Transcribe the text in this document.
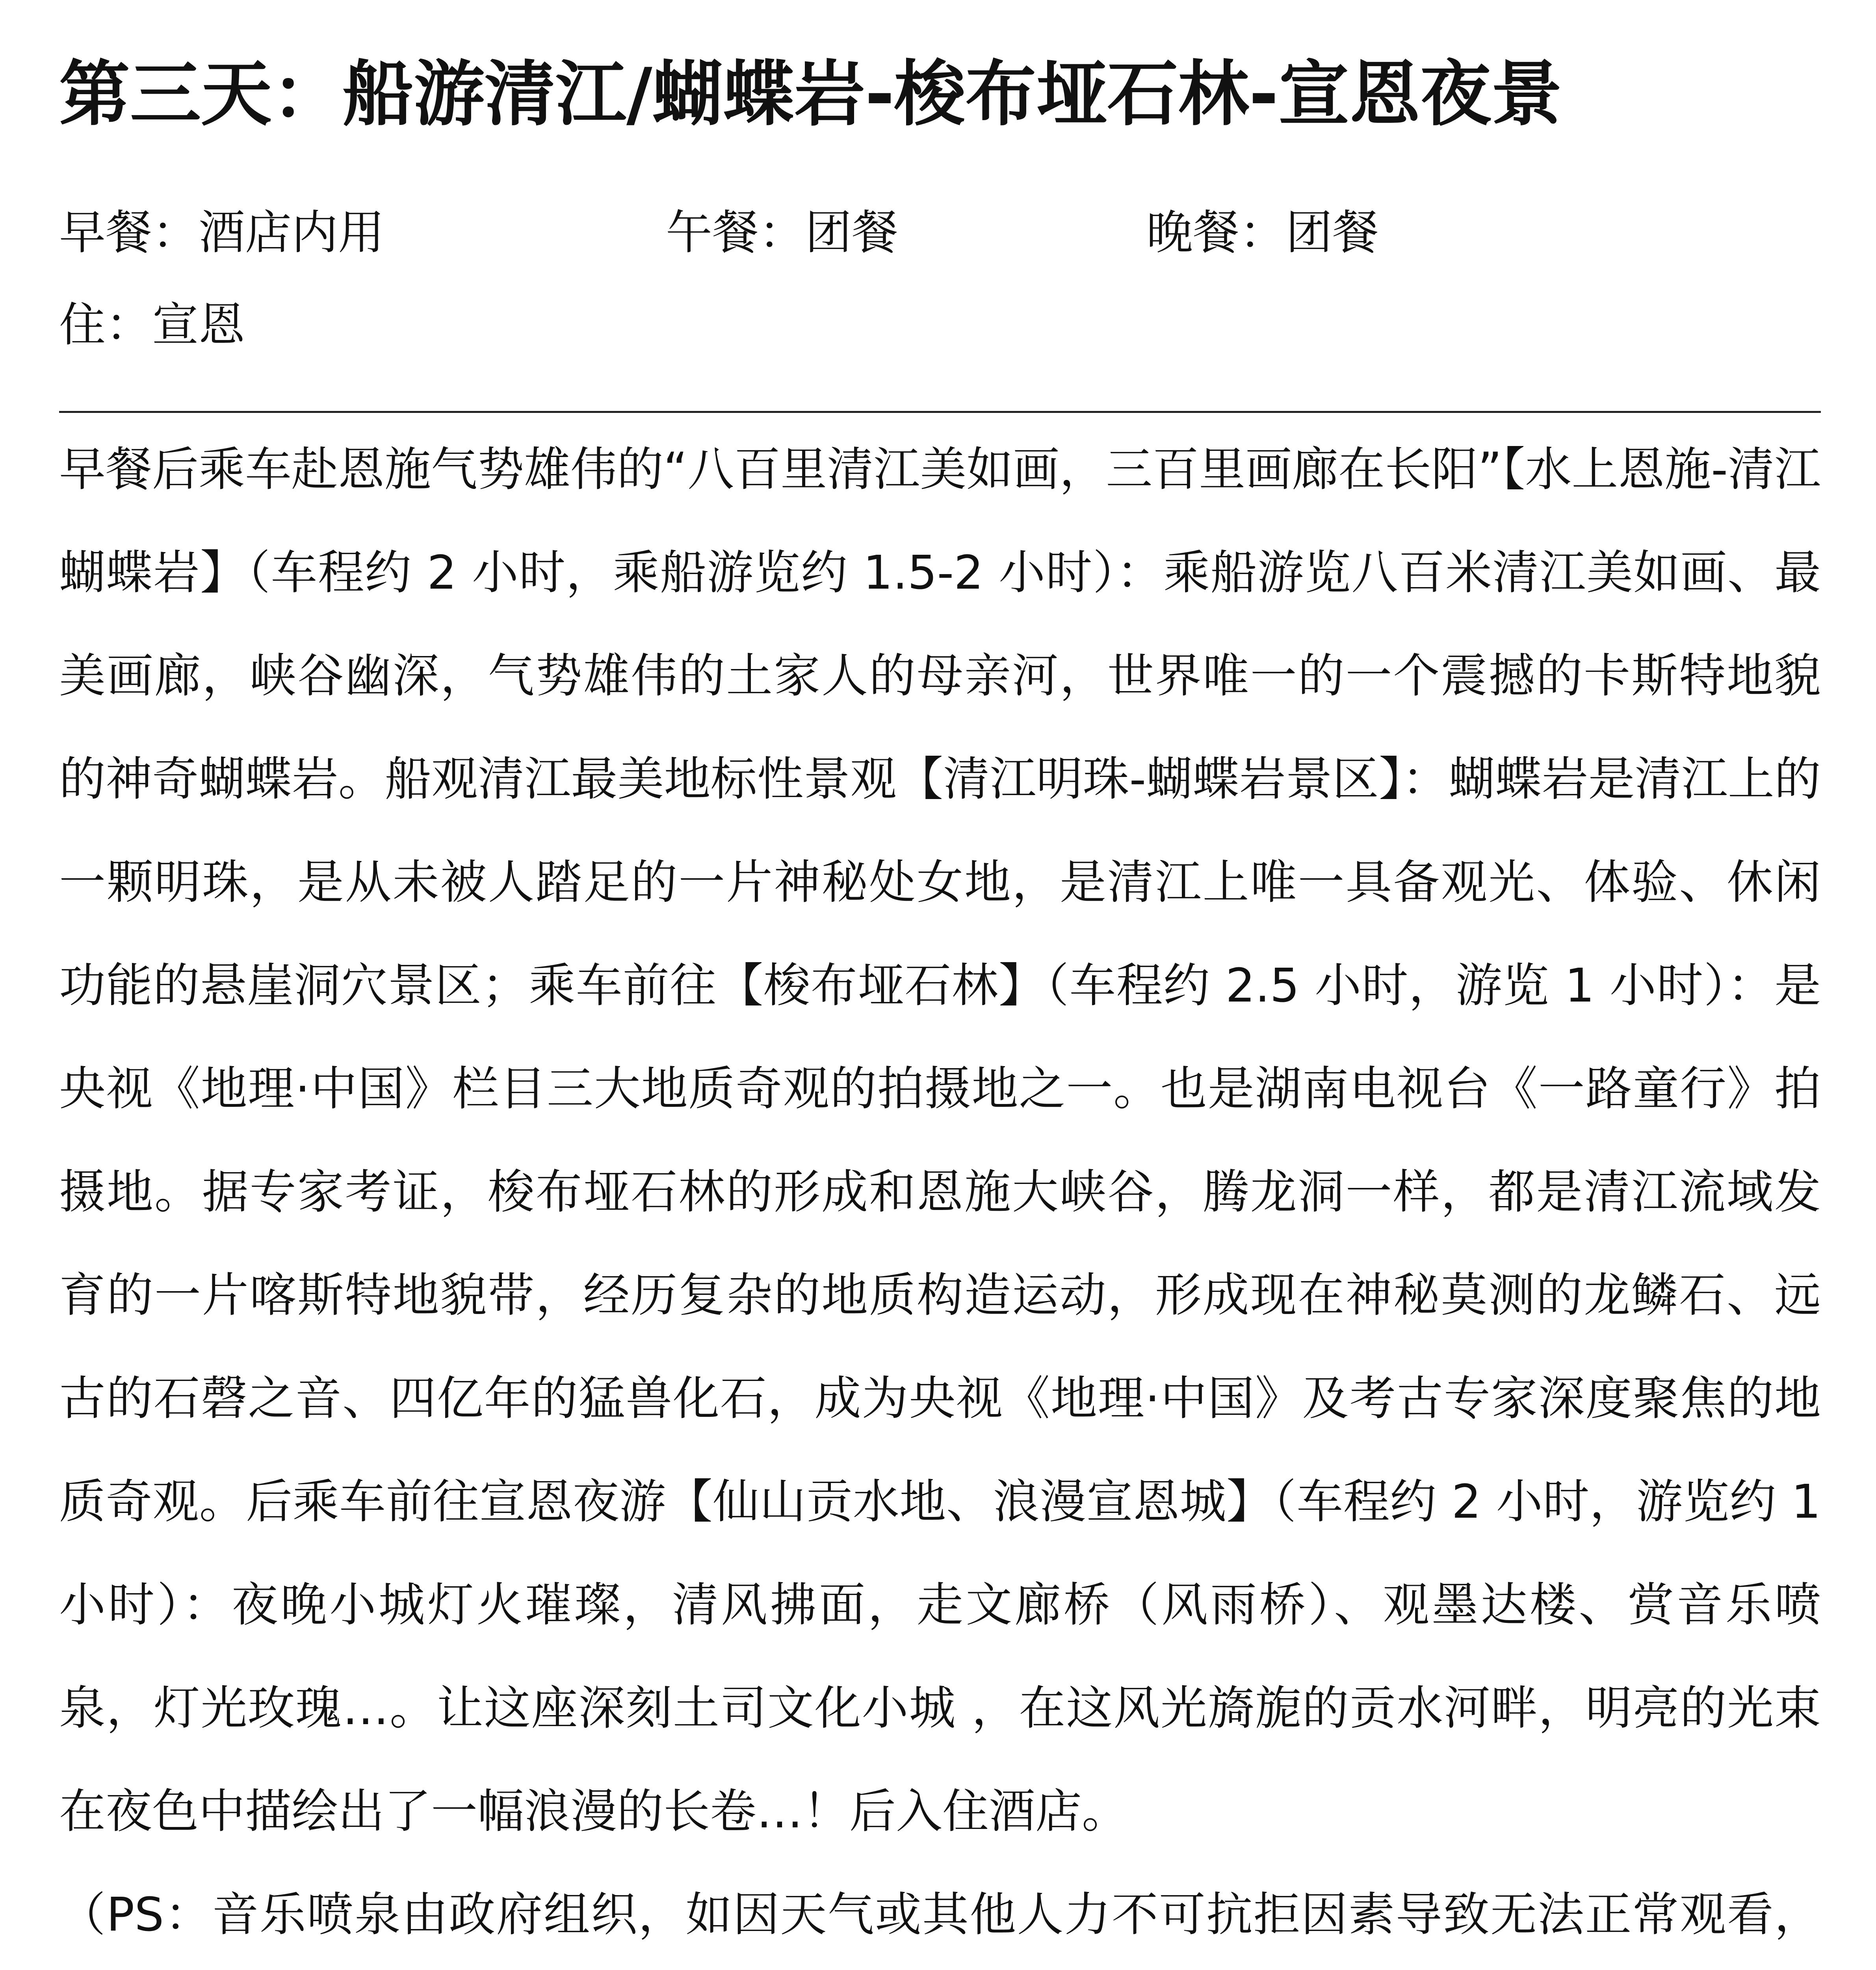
第三天：船游清江/蝴蝶岩-梭布垭石林-宣恩夜景
早餐：酒店内用	午餐：团餐	晚餐：团餐
住：宣恩

早餐后乘车赴恩施气势雄伟的“八百里清江美如画，三百里画廊在长阳”【水上恩施-清江蝴蝶岩】（车程约 2 小时，乘船游览约 1.5-2 小时）：乘船游览八百米清江美如画、最美画廊，峡谷幽深，气势雄伟的土家人的母亲河，世界唯一的一个震撼的卡斯特地貌的神奇蝴蝶岩。船观清江最美地标性景观【清江明珠-蝴蝶岩景区】：蝴蝶岩是清江上的一颗明珠，是从未被人踏足的一片神秘处女地，是清江上唯一具备观光、体验、休闲功能的悬崖洞穴景区；乘车前往【梭布垭石林】（车程约 2.5 小时，游览 1 小时）：是央视《地理·中国》栏目三大地质奇观的拍摄地之一。也是湖南电视台《一路童行》拍摄地。据专家考证，梭布垭石林的形成和恩施大峡谷，腾龙洞一样，都是清江流域发育的一片喀斯特地貌带，经历复杂的地质构造运动，形成现在神秘莫测的龙鳞石、远古的石磬之音、四亿年的猛兽化石，成为央视《地理·中国》及考古专家深度聚焦的地质奇观。后乘车前往宣恩夜游【仙山贡水地、浪漫宣恩城】（车程约 2 小时，游览约 1 小时）：夜晚小城灯火璀璨，清风拂面，走文廊桥（风雨桥）、观墨达楼、赏音乐喷泉，灯光玫瑰…。让这座深刻土司文化小城 ，在这风光旖旎的贡水河畔，明亮的光束在夜色中描绘出了一幅浪漫的长卷…！后入住酒店。
（PS：音乐喷泉由政府组织，如因天气或其他人力不可抗拒因素导致无法正常观看，
